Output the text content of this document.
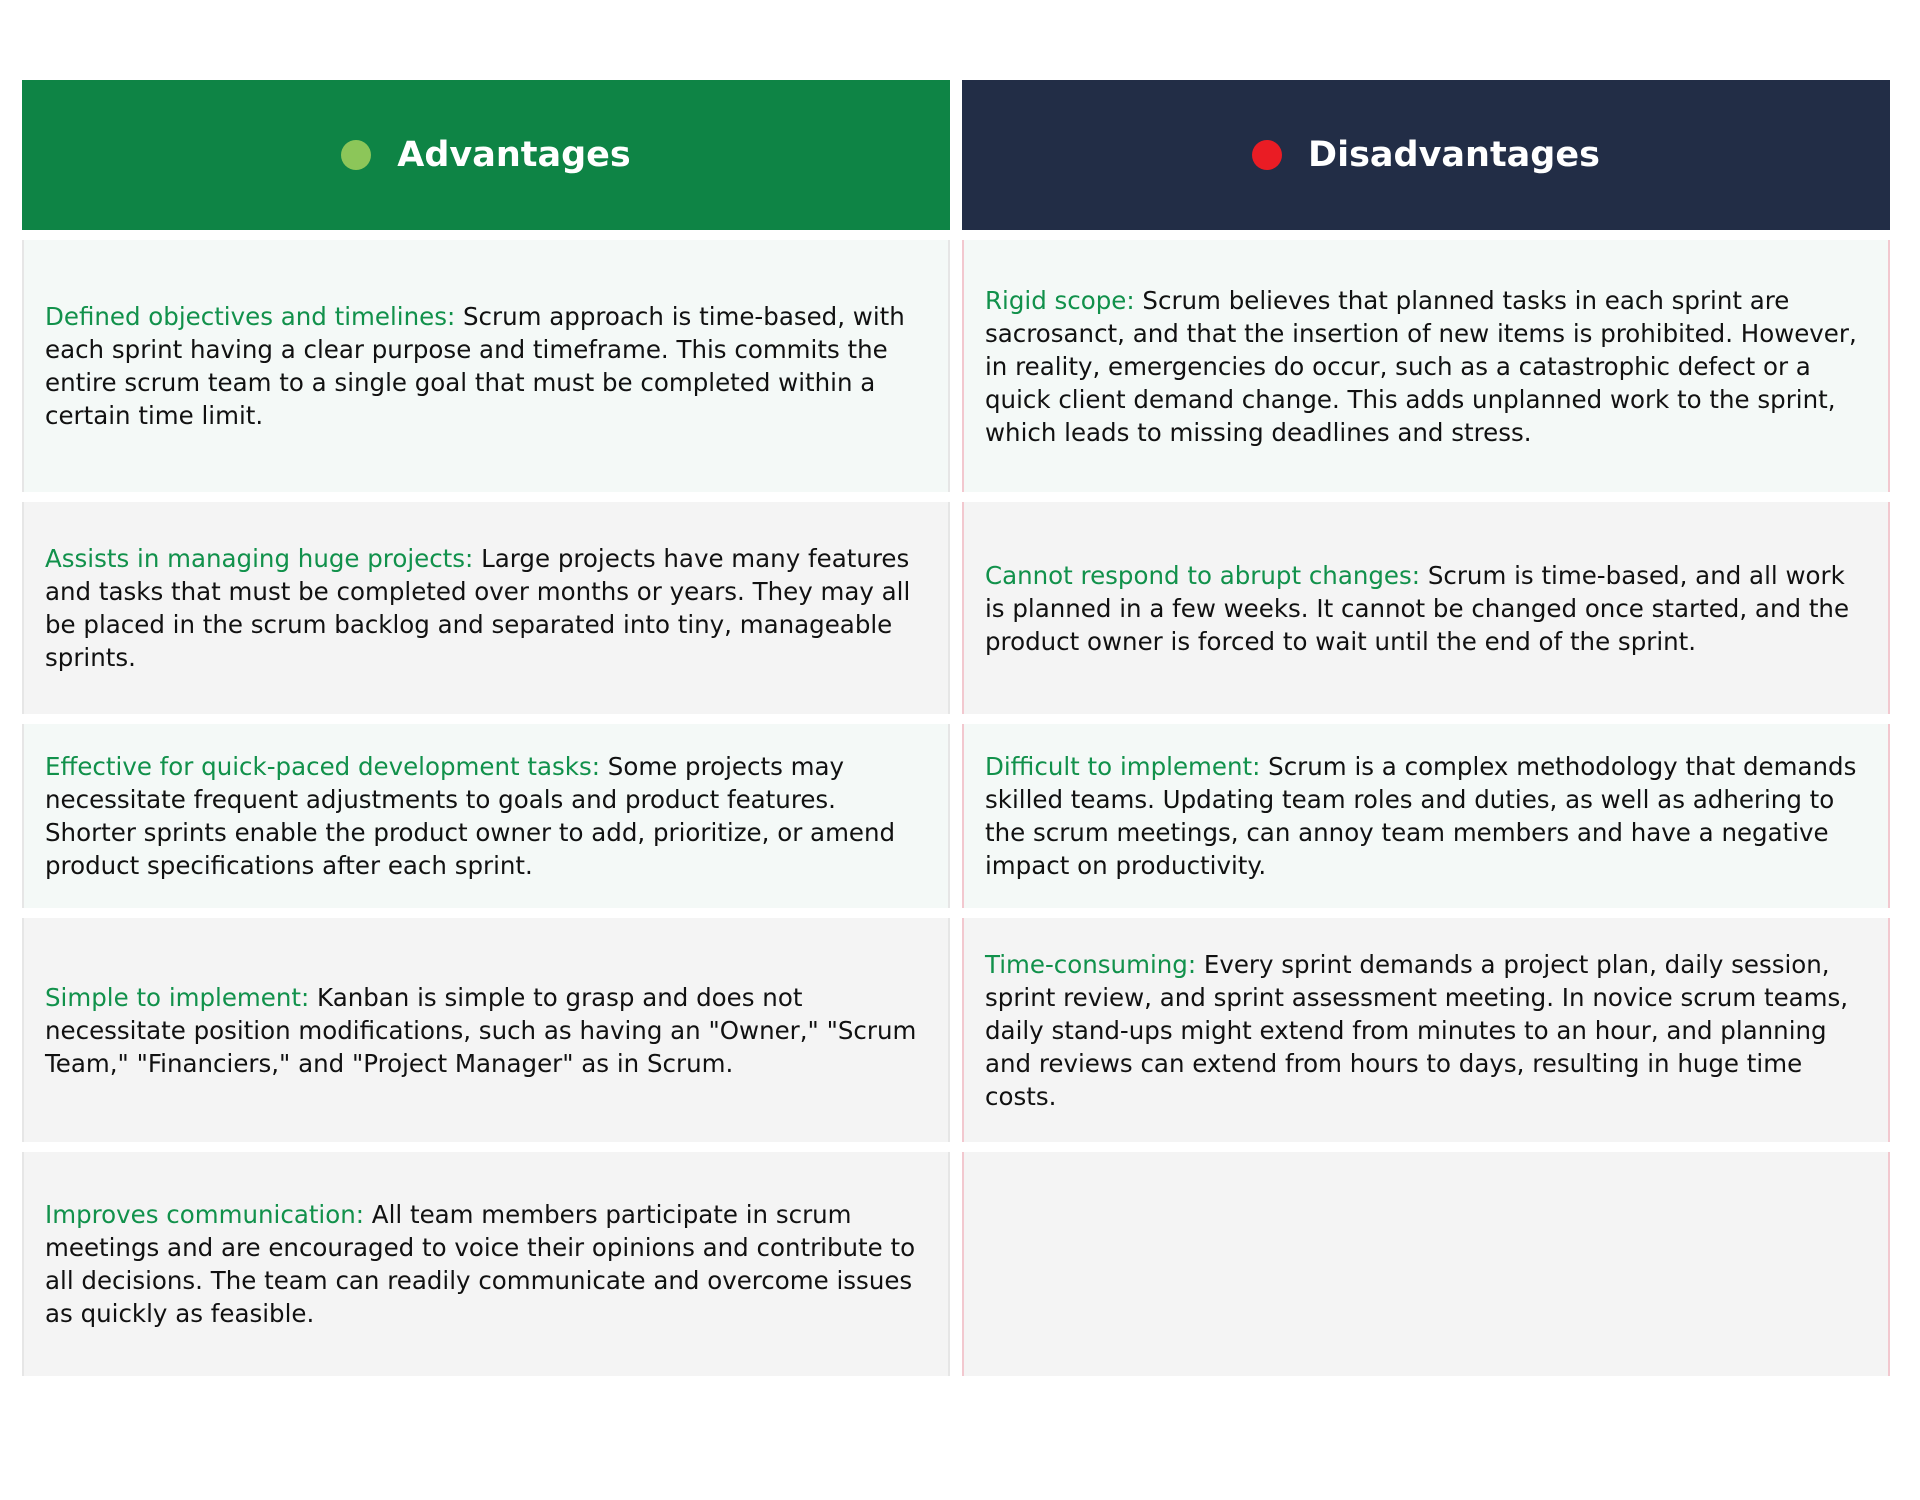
Advantages	Disadvantages

Defined objectives and timelines: Scrum approach is time-based, with each sprint having a clear purpose and timeframe. This commits the entire scrum team to a single goal that must be completed within a certain time limit.

Rigid scope: Scrum believes that planned tasks in each sprint are sacrosanct, and that the insertion of new items is prohibited. However, in reality, emergencies do occur, such as a catastrophic defect or a quick client demand change. This adds unplanned work to the sprint, which leads to missing deadlines and stress.

Assists in managing huge projects: Large projects have many features and tasks that must be completed over months or years. They may all be placed in the scrum backlog and separated into tiny, manageable sprints.

Cannot respond to abrupt changes: Scrum is time-based, and all work is planned in a few weeks. It cannot be changed once started, and the product owner is forced to wait until the end of the sprint.

Effective for quick-paced development tasks: Some projects may necessitate frequent adjustments to goals and product features. Shorter sprints enable the product owner to add, prioritize, or amend product specifications after each sprint.

Difficult to implement: Scrum is a complex methodology that demands skilled teams. Updating team roles and duties, as well as adhering to the scrum meetings, can annoy team members and have a negative impact on productivity.

Simple to implement: Kanban is simple to grasp and does not necessitate position modifications, such as having an "Owner," "Scrum Team," "Financiers," and "Project Manager" as in Scrum.

Time-consuming: Every sprint demands a project plan, daily session, sprint review, and sprint assessment meeting. In novice scrum teams, daily stand-ups might extend from minutes to an hour, and planning and reviews can extend from hours to days, resulting in huge time costs.

Improves communication: All team members participate in scrum meetings and are encouraged to voice their opinions and contribute to all decisions. The team can readily communicate and overcome issues as quickly as feasible.
